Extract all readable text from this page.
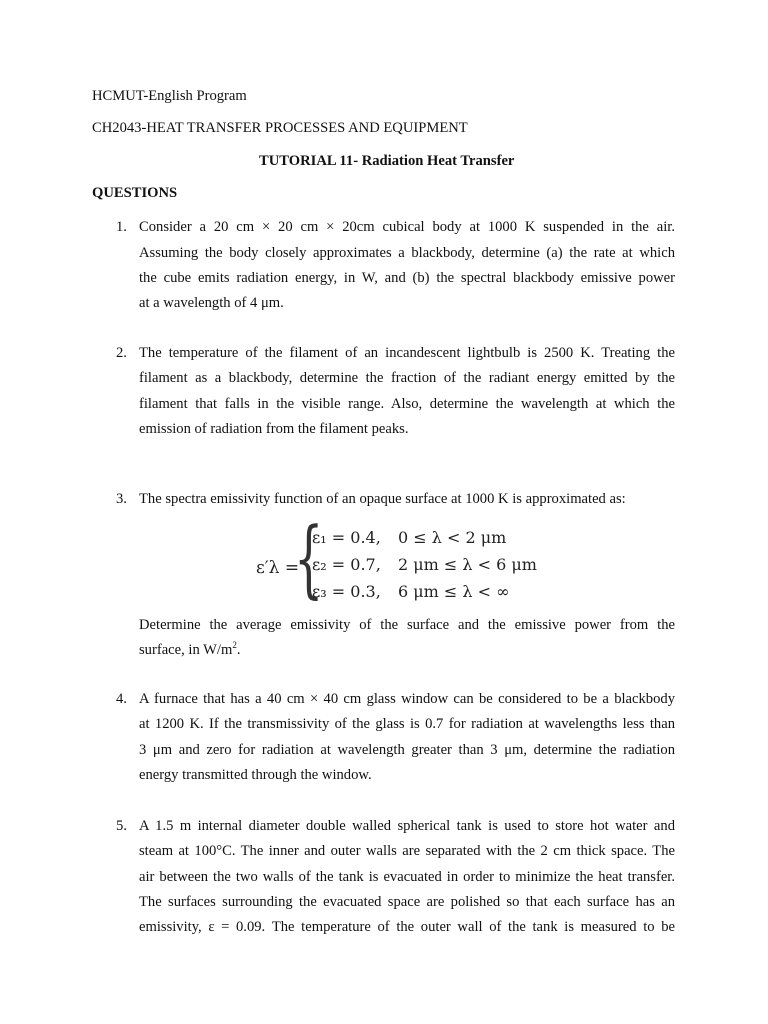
HCMUT-English Program
CH2043-HEAT TRANSFER PROCESSES AND EQUIPMENT
TUTORIAL 11- Radiation Heat Transfer
QUESTIONS
1. Consider a 20 cm × 20 cm × 20cm cubical body at 1000 K suspended in the air.
Assuming the body closely approximates a blackbody, determine (a) the rate at which
the cube emits radiation energy, in W, and (b) the spectral blackbody emissive power
at a wavelength of 4 μm.
2. The temperature of the filament of an incandescent lightbulb is 2500 K. Treating the
filament as a blackbody, determine the fraction of the radiant energy emitted by the
filament that falls in the visible range. Also, determine the wavelength at which the
emission of radiation from the filament peaks.
3. The spectra emissivity function of an opaque surface at 1000 K is approximated as:
ε′λ =
{
ε₁ = 0.4, 0 ≤ λ < 2 μm
ε₂ = 0.7, 2 μm ≤ λ < 6 μm
ε₃ = 0.3, 6 μm ≤ λ < ∞
Determine the average emissivity of the surface and the emissive power from the
surface, in $W/m^2$.
4. A furnace that has a 40 cm × 40 cm glass window can be considered to be a blackbody
at 1200 K. If the transmissivity of the glass is 0.7 for radiation at wavelengths less than
3 μm and zero for radiation at wavelength greater than 3 μm, determine the radiation
energy transmitted through the window.
5. A 1.5 m internal diameter double walled spherical tank is used to store hot water and
steam at 100°C. The inner and outer walls are separated with the 2 cm thick space. The
air between the two walls of the tank is evacuated in order to minimize the heat transfer.
The surfaces surrounding the evacuated space are polished so that each surface has an
emissivity, ε = 0.09. The temperature of the outer wall of the tank is measured to be
